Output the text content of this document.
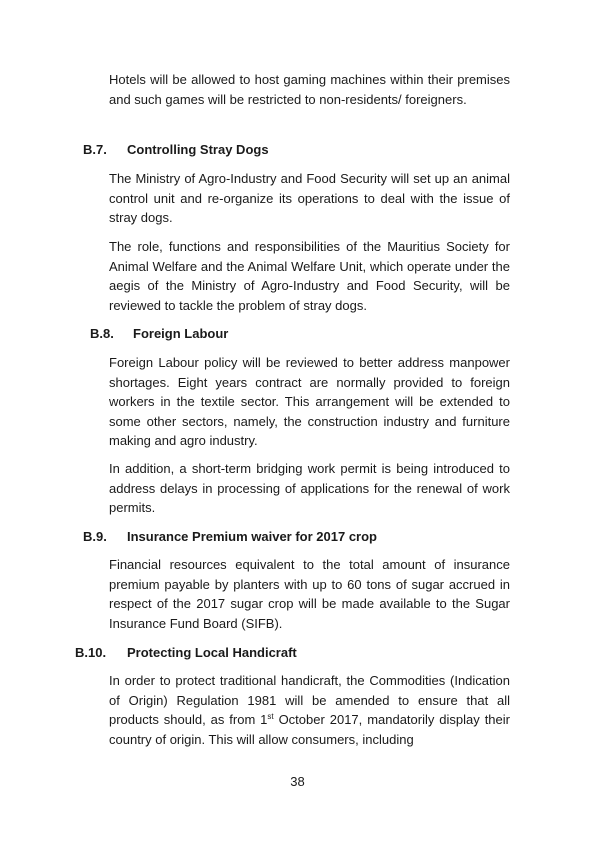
Hotels will be allowed to host gaming machines within their premises and such games will be restricted to non-residents/ foreigners.

B.7. Controlling Stray Dogs

The Ministry of Agro-Industry and Food Security will set up an animal control unit and re-organize its operations to deal with the issue of stray dogs.

The role, functions and responsibilities of the Mauritius Society for Animal Welfare and the Animal Welfare Unit, which operate under the aegis of the Ministry of Agro-Industry and Food Security, will be reviewed to tackle the problem of stray dogs.

B.8. Foreign Labour

Foreign Labour policy will be reviewed to better address manpower shortages. Eight years contract are normally provided to foreign workers in the textile sector. This arrangement will be extended to some other sectors, namely, the construction industry and furniture making and agro industry.

In addition, a short-term bridging work permit is being introduced to address delays in processing of applications for the renewal of work permits.

B.9. Insurance Premium waiver for 2017 crop

Financial resources equivalent to the total amount of insurance premium payable by planters with up to 60 tons of sugar accrued in respect of the 2017 sugar crop will be made available to the Sugar Insurance Fund Board (SIFB).

B.10. Protecting Local Handicraft

In order to protect traditional handicraft, the Commodities (Indication of Origin) Regulation 1981 will be amended to ensure that all products should, as from 1st October 2017, mandatorily display their country of origin. This will allow consumers, including

38
